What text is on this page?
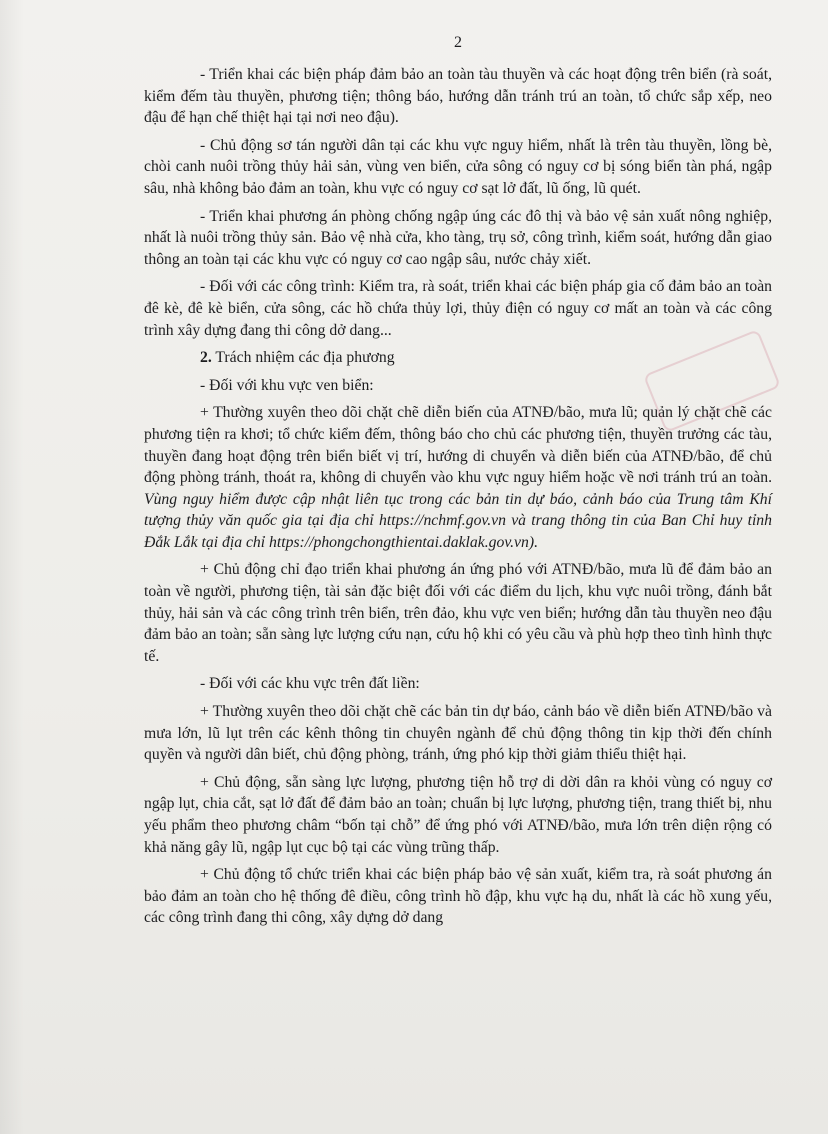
2

- Triển khai các biện pháp đảm bảo an toàn tàu thuyền và các hoạt động trên biển (rà soát, kiểm đếm tàu thuyền, phương tiện; thông báo, hướng dẫn tránh trú an toàn, tổ chức sắp xếp, neo đậu để hạn chế thiệt hại tại nơi neo đậu).

- Chủ động sơ tán người dân tại các khu vực nguy hiểm, nhất là trên tàu thuyền, lồng bè, chòi canh nuôi trồng thủy hải sản, vùng ven biển, cửa sông có nguy cơ bị sóng biển tàn phá, ngập sâu, nhà không bảo đảm an toàn, khu vực có nguy cơ sạt lở đất, lũ ống, lũ quét.

- Triển khai phương án phòng chống ngập úng các đô thị và bảo vệ sản xuất nông nghiệp, nhất là nuôi trồng thủy sản. Bảo vệ nhà cửa, kho tàng, trụ sở, công trình, kiểm soát, hướng dẫn giao thông an toàn tại các khu vực có nguy cơ cao ngập sâu, nước chảy xiết.

- Đối với các công trình: Kiểm tra, rà soát, triển khai các biện pháp gia cố đảm bảo an toàn đê kè, đê kè biển, cửa sông, các hồ chứa thủy lợi, thủy điện có nguy cơ mất an toàn và các công trình xây dựng đang thi công dở dang...

2. Trách nhiệm các địa phương

- Đối với khu vực ven biển:

+ Thường xuyên theo dõi chặt chẽ diễn biến của ATNĐ/bão, mưa lũ; quản lý chặt chẽ các phương tiện ra khơi; tổ chức kiểm đếm, thông báo cho chủ các phương tiện, thuyền trưởng các tàu, thuyền đang hoạt động trên biển biết vị trí, hướng di chuyển và diễn biến của ATNĐ/bão, để chủ động phòng tránh, thoát ra, không di chuyển vào khu vực nguy hiểm hoặc về nơi tránh trú an toàn. Vùng nguy hiểm được cập nhật liên tục trong các bản tin dự báo, cảnh báo của Trung tâm Khí tượng thủy văn quốc gia tại địa chỉ https://nchmf.gov.vn và trang thông tin của Ban Chỉ huy tỉnh Đắk Lắk tại địa chỉ https://phongchongthientai.daklak.gov.vn).

+ Chủ động chỉ đạo triển khai phương án ứng phó với ATNĐ/bão, mưa lũ để đảm bảo an toàn về người, phương tiện, tài sản đặc biệt đối với các điểm du lịch, khu vực nuôi trồng, đánh bắt thủy, hải sản và các công trình trên biển, trên đảo, khu vực ven biển; hướng dẫn tàu thuyền neo đậu đảm bảo an toàn; sẵn sàng lực lượng cứu nạn, cứu hộ khi có yêu cầu và phù hợp theo tình hình thực tế.

- Đối với các khu vực trên đất liền:

+ Thường xuyên theo dõi chặt chẽ các bản tin dự báo, cảnh báo về diễn biến ATNĐ/bão và mưa lớn, lũ lụt trên các kênh thông tin chuyên ngành để chủ động thông tin kịp thời đến chính quyền và người dân biết, chủ động phòng, tránh, ứng phó kịp thời giảm thiểu thiệt hại.

+ Chủ động, sẵn sàng lực lượng, phương tiện hỗ trợ di dời dân ra khỏi vùng có nguy cơ ngập lụt, chia cắt, sạt lở đất để đảm bảo an toàn; chuẩn bị lực lượng, phương tiện, trang thiết bị, nhu yếu phẩm theo phương châm “bốn tại chỗ” để ứng phó với ATNĐ/bão, mưa lớn trên diện rộng có khả năng gây lũ, ngập lụt cục bộ tại các vùng trũng thấp.

+ Chủ động tổ chức triển khai các biện pháp bảo vệ sản xuất, kiểm tra, rà soát phương án bảo đảm an toàn cho hệ thống đê điều, công trình hồ đập, khu vực hạ du, nhất là các hồ xung yếu, các công trình đang thi công, xây dựng dở dang
